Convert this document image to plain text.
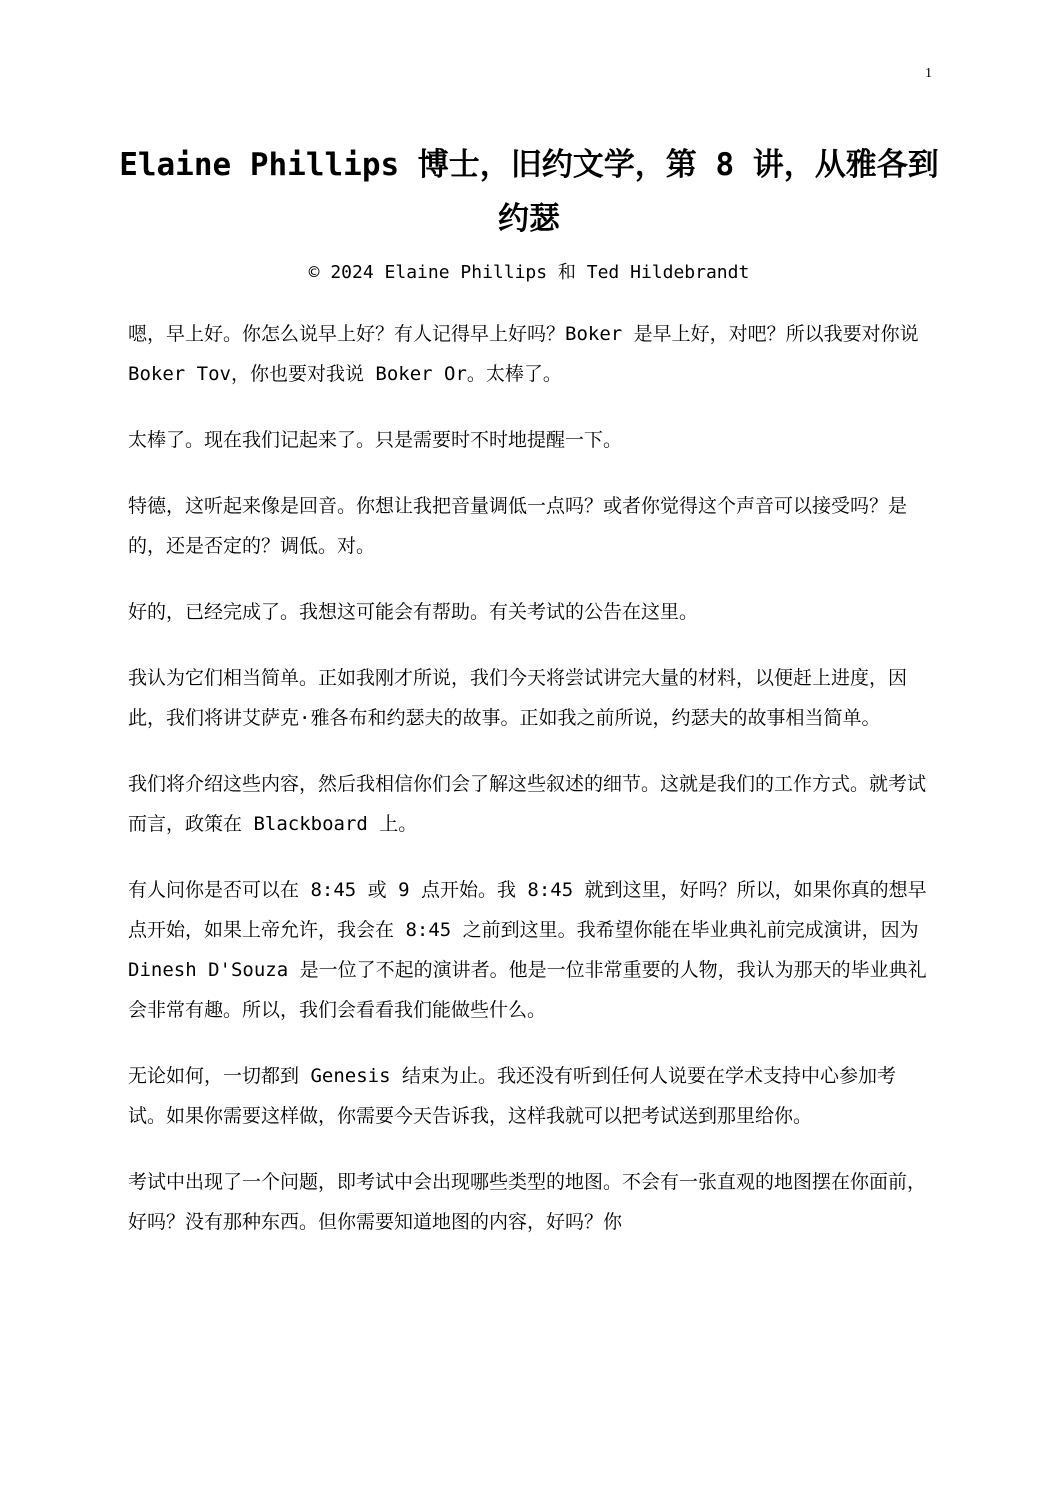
1
Elaine Phillips 博士，旧约文学，第 8 讲，从雅各到约瑟
© 2024 Elaine Phillips 和 Ted Hildebrandt

嗯，早上好。你怎么说早上好？有人记得早上好吗？Boker 是早上好，对吧？所以我要对你说 Boker Tov，你也要对我说 Boker Or。太棒了。

太棒了。现在我们记起来了。只是需要时不时地提醒一下。

特德，这听起来像是回音。你想让我把音量调低一点吗？或者你觉得这个声音可以接受吗？是的，还是否定的？调低。对。

好的，已经完成了。我想这可能会有帮助。有关考试的公告在这里。

我认为它们相当简单。正如我刚才所说，我们今天将尝试讲完大量的材料，以便赶上进度，因此，我们将讲艾萨克·雅各布和约瑟夫的故事。正如我之前所说，约瑟夫的故事相当简单。

我们将介绍这些内容，然后我相信你们会了解这些叙述的细节。这就是我们的工作方式。就考试而言，政策在 Blackboard 上。

有人问你是否可以在 8:45 或 9 点开始。我 8:45 就到这里，好吗？所以，如果你真的想早点开始，如果上帝允许，我会在 8:45 之前到这里。我希望你能在毕业典礼前完成演讲，因为 Dinesh D'Souza 是一位了不起的演讲者。他是一位非常重要的人物，我认为那天的毕业典礼会非常有趣。所以，我们会看看我们能做些什么。

无论如何，一切都到 Genesis 结束为止。我还没有听到任何人说要在学术支持中心参加考试。如果你需要这样做，你需要今天告诉我，这样我就可以把考试送到那里给你。

考试中出现了一个问题，即考试中会出现哪些类型的地图。不会有一张直观的地图摆在你面前，好吗？没有那种东西。但你需要知道地图的内容，好吗？你
